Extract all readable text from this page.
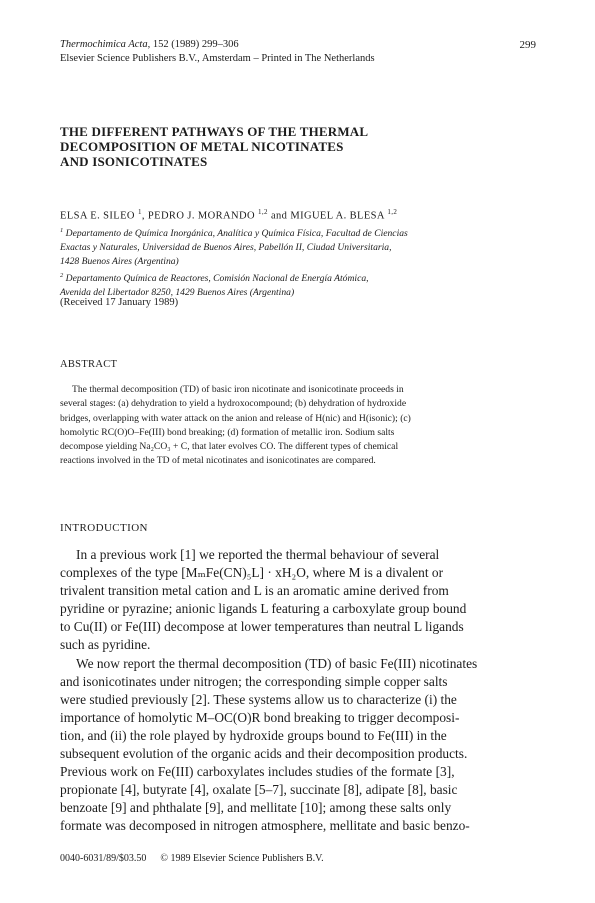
Thermochimica Acta, 152 (1989) 299–306
Elsevier Science Publishers B.V., Amsterdam – Printed in The Netherlands
299
THE DIFFERENT PATHWAYS OF THE THERMAL
DECOMPOSITION OF METAL NICOTINATES
AND ISONICOTINATES
ELSA E. SILEO $^1$, PEDRO J. MORANDO $^{1,2}$ and MIGUEL A. BLESA $^{1,2}$
$^1$ Departamento de Química Inorgánica, Analítica y Química Física, Facultad de Ciencias
Exactas y Naturales, Universidad de Buenos Aires, Pabellón II, Ciudad Universitaria,
1428 Buenos Aires (Argentina)
$^2$ Departamento Química de Reactores, Comisión Nacional de Energía Atómica,
Avenida del Libertador 8250, 1429 Buenos Aires (Argentina)
(Received 17 January 1989)
ABSTRACT
The thermal decomposition (TD) of basic iron nicotinate and isonicotinate proceeds in
several stages: (a) dehydration to yield a hydroxocompound; (b) dehydration of hydroxide
bridges, overlapping with water attack on the anion and release of H(nic) and H(isonic); (c)
homolytic RC(O)O–Fe(III) bond breaking; (d) formation of metallic iron. Sodium salts
decompose yielding Na₂CO₃ + C, that later evolves CO. The different types of chemical
reactions involved in the TD of metal nicotinates and isonicotinates are compared.
INTRODUCTION
In a previous work [1] we reported the thermal behaviour of several
complexes of the type [MₘFe(CN)₅L] · xH₂O, where M is a divalent or
trivalent transition metal cation and L is an aromatic amine derived from
pyridine or pyrazine; anionic ligands L featuring a carboxylate group bound
to Cu(II) or Fe(III) decompose at lower temperatures than neutral L ligands
such as pyridine.
We now report the thermal decomposition (TD) of basic Fe(III) nicotinates
and isonicotinates under nitrogen; the corresponding simple copper salts
were studied previously [2]. These systems allow us to characterize (i) the
importance of homolytic M–OC(O)R bond breaking to trigger decomposi-
tion, and (ii) the role played by hydroxide groups bound to Fe(III) in the
subsequent evolution of the organic acids and their decomposition products.
Previous work on Fe(III) carboxylates includes studies of the formate [3],
propionate [4], butyrate [4], oxalate [5–7], succinate [8], adipate [8], basic
benzoate [9] and phthalate [9], and mellitate [10]; among these salts only
formate was decomposed in nitrogen atmosphere, mellitate and basic benzo-
0040-6031/89/$03.50 © 1989 Elsevier Science Publishers B.V.
